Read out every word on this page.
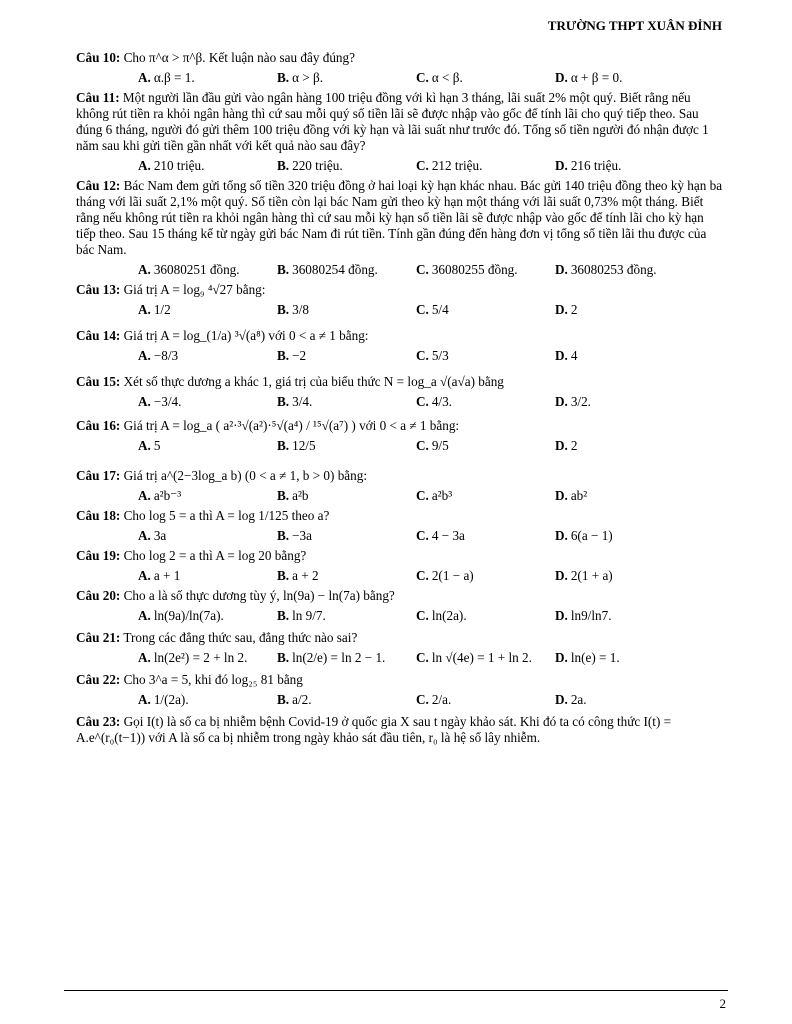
TRƯỜNG THPT XUÂN ĐỈNH
Câu 10: Cho π^α > π^β. Kết luận nào sau đây đúng?
A. α.β = 1.	B. α > β.	C. α < β.	D. α + β = 0.
Câu 11: Một người lần đầu gửi vào ngân hàng 100 triệu đồng với kì hạn 3 tháng, lãi suất 2% một quý. Biết rằng nếu không rút tiền ra khỏi ngân hàng thì cứ sau mỗi quý số tiền lãi sẽ được nhập vào gốc để tính lãi cho quý tiếp theo. Sau đúng 6 tháng, người đó gửi thêm 100 triệu đồng với kỳ hạn và lãi suất như trước đó. Tổng số tiền người đó nhận được 1 năm sau khi gửi tiền gần nhất với kết quả nào sau đây?
A. 210 triệu.	B. 220 triệu.	C. 212 triệu.	D. 216 triệu.
Câu 12: Bác Nam đem gửi tổng số tiền 320 triệu đồng ở hai loại kỳ hạn khác nhau. Bác gửi 140 triệu đồng theo kỳ hạn ba tháng với lãi suất 2,1% một quý. Số tiền còn lại bác Nam gửi theo kỳ hạn một tháng với lãi suất 0,73% một tháng. Biết rằng nếu không rút tiền ra khỏi ngân hàng thì cứ sau mỗi kỳ hạn số tiền lãi sẽ được nhập vào gốc để tính lãi cho kỳ hạn tiếp theo. Sau 15 tháng kể từ ngày gửi bác Nam đi rút tiền. Tính gần đúng đến hàng đơn vị tổng số tiền lãi thu được của bác Nam.
A. 36080251 đồng.	B. 36080254 đồng.	C. 36080255 đồng.	D. 36080253 đồng.
Câu 13: Giá trị A = log₉ ⁴√27 bằng:
A. 1/2	B. 3/8	C. 5/4	D. 2
Câu 14: Giá trị A = log_(1/a) ³√(a⁸) với 0 < a ≠ 1 bằng:
A. −8/3	B. −2	C. 5/3	D. 4
Câu 15: Xét số thực dương a khác 1, giá trị của biểu thức N = log_a √(a√a) bằng
A. −3/4.	B. 3/4.	C. 4/3.	D. 3/2.
Câu 16: Giá trị A = log_a ( a²·³√(a²)·⁵√(a⁴) / ¹⁵√(a⁷) ) với 0 < a ≠ 1 bằng:
A. 5	B. 12/5	C. 9/5	D. 2
Câu 17: Giá trị a^(2−3log_a b) (0 < a ≠ 1, b > 0) bằng:
A. a²b⁻³	B. a²b	C. a²b³	D. ab²
Câu 18: Cho log 5 = a thì A = log 1/125 theo a?
A. 3a	B. −3a	C. 4 − 3a	D. 6(a − 1)
Câu 19: Cho log 2 = a thì A = log 20 bằng?
A. a + 1	B. a + 2	C. 2(1 − a)	D. 2(1 + a)
Câu 20: Cho a là số thực dương tùy ý, ln(9a) − ln(7a) bằng?
A. ln(9a)/ln(7a).	B. ln 9/7.	C. ln(2a).	D. ln9/ln7.
Câu 21: Trong các đẳng thức sau, đẳng thức nào sai?
A. ln(2e²) = 2 + ln 2.	B. ln(2/e) = ln 2 − 1.	C. ln √(4e) = 1 + ln 2.	D. ln(e) = 1.
Câu 22: Cho 3^a = 5, khi đó log₂₅ 81 bằng
A. 1/(2a).	B. a/2.	C. 2/a.	D. 2a.
Câu 23: Gọi I(t) là số ca bị nhiễm bệnh Covid-19 ở quốc gia X sau t ngày khảo sát. Khi đó ta có công thức I(t) = A.e^(r₀(t−1)) với A là số ca bị nhiễm trong ngày khảo sát đầu tiên, r₀ là hệ số lây nhiễm.
2
